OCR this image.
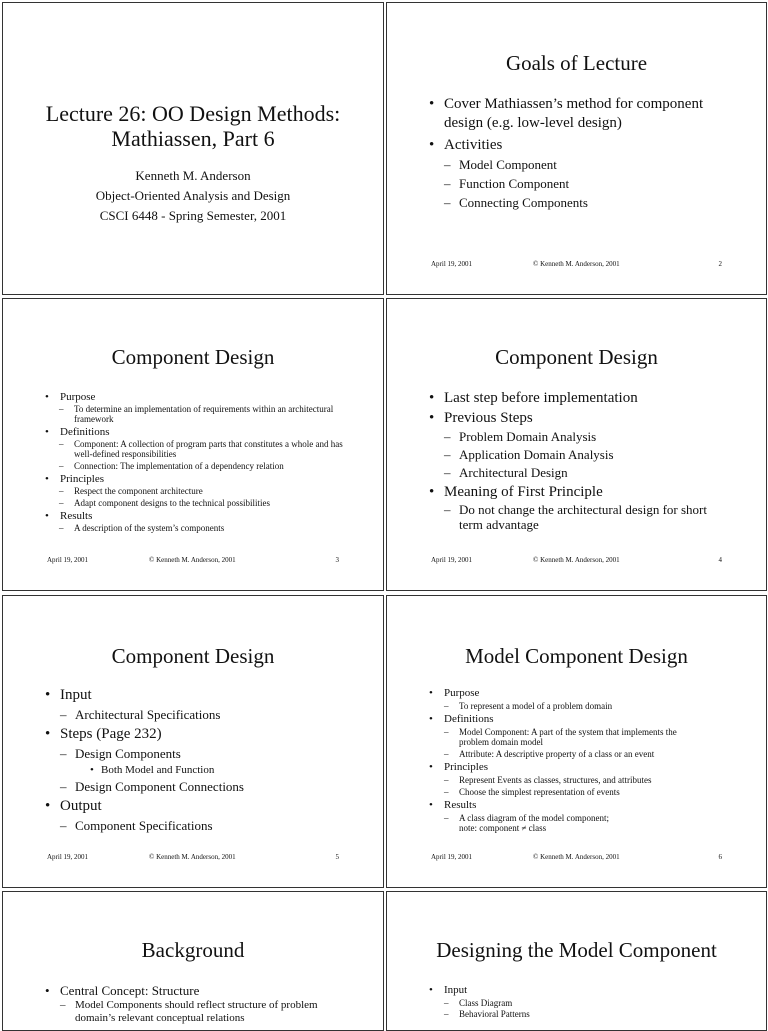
Lecture 26: OO Design Methods:
Mathiassen, Part 6
Kenneth M. Anderson
Object-Oriented Analysis and Design
CSCI 6448 - Spring Semester, 2001
Goals of Lecture
• Cover Mathiassen’s method for component design (e.g. low-level design)
• Activities
– Model Component
– Function Component
– Connecting Components
April 19, 2001	© Kenneth M. Anderson, 2001	2
Component Design
• Purpose
– To determine an implementation of requirements within an architectural framework
• Definitions
– Component: A collection of program parts that constitutes a whole and has well-defined responsibilities
– Connection: The implementation of a dependency relation
• Principles
– Respect the component architecture
– Adapt component designs to the technical possibilities
• Results
– A description of the system’s components
April 19, 2001	© Kenneth M. Anderson, 2001	3
Component Design
• Last step before implementation
• Previous Steps
– Problem Domain Analysis
– Application Domain Analysis
– Architectural Design
• Meaning of First Principle
– Do not change the architectural design for short term advantage
April 19, 2001	© Kenneth M. Anderson, 2001	4
Component Design
• Input
– Architectural Specifications
• Steps (Page 232)
– Design Components
• Both Model and Function
– Design Component Connections
• Output
– Component Specifications
April 19, 2001	© Kenneth M. Anderson, 2001	5
Model Component Design
• Purpose
– To represent a model of a problem domain
• Definitions
– Model Component: A part of the system that implements the problem domain model
– Attribute: A descriptive property of a class or an event
• Principles
– Represent Events as classes, structures, and attributes
– Choose the simplest representation of events
• Results
– A class diagram of the model component;
note: component ≠ class
April 19, 2001	© Kenneth M. Anderson, 2001	6
Background
• Central Concept: Structure
– Model Components should reflect structure of problem domain’s relevant conceptual relations
Designing the Model Component
• Input
– Class Diagram
– Behavioral Patterns
